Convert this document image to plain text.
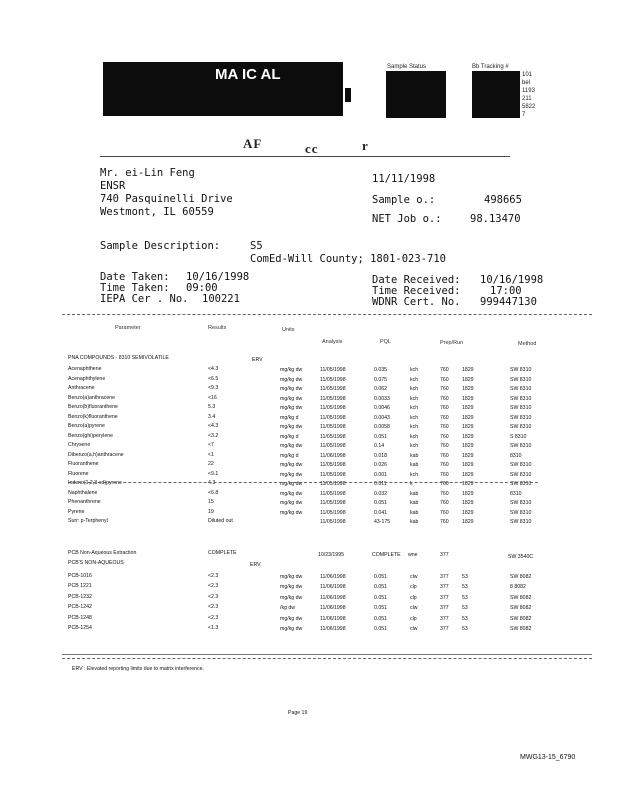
MA IC AL	Sample Status	Bb Tracking #
101
bel
1193
211
5822
7
AF	cc	r
Mr. ei-Lin Feng
ENSR
740 Pasquinelli Drive
Westmont, IL 60559
11/11/1998
Sample o.:	498665
NET Job o.:	98.13470
Sample Description:	S5
ComEd-Will County; 1801-023-710
Date Taken: 10/16/1998
Time Taken: 09:00
IEPA Cer . No. 100221
Date Received: 10/16/1998
Time Received:	17:00
WDNR Cert. No. 999447130
Parameter	Results	Units
Analysis	PQL	Prep/Run	Method
PNA COMPOUNDS - 8310 SEMIVOLATILE	ERV
Acenaphthene	<4.3	mg/kg dw	11/05/1998	0.035	kch	760	1829	SW 8310
Acenaphthylene	<6.5	mg/kg dw	11/05/1998	0.075	kch	760	1829	SW 8310
Anthracene	<9.3	mg/kg dw	11/05/1998	0.062	kch	760	1829	SW 8310
Benzo(a)anthracene	<16	mg/kg dw	11/05/1998	0.0033	kch	760	1829	SW 8310
Benzo(b)fluoranthene	5.3	mg/kg dw	11/05/1998	0.0046	kch	760	1829	SW 8310
Benzo(k)fluoranthene	3.4	mg/kg d	11/05/1998	0.0043	kch	760	1829	SW 8310
Benzo(a)pyrene	<4.3	mg/kg dw	11/05/1998	0.0058	kch	760	1829	SW 8310
Benzo(ghi)perylene	<3.2	mg/kg d	11/05/1998	0.051	kch	760	1829	S 8310
Chrysene	<7	mg/kg dw	11/05/1998	0.14	kch	760	1829	SW 8310
Dibenzo(a,h)anthracene	<1	mg/kg d	11/06/1998	0.018	kab	760	1829	8310
Fluoranthene	22	mg/kg dw	11/05/1998	0.026	kab	760	1829	SW 8310
Fluorene	<9.1	mg/kg dw	11/05/1998	0.001	kch	760	1829	SW 8310
Indeno(1,2,3-cd)pyrene	4.3	mg/kg dw	11/05/1998	0.011	k	760	1829	SW 8310
Naphthalene	<6.8	mg/kg dw	11/05/1998	0.032	kab	760	1829	8310
Phenanthrene	15	mg/kg dw	11/05/1998	0.051	kab	760	1829	SW 8310
Pyrene	19	mg/kg dw	11/05/1998	0.041	kab	760	1829	SW 8310
Surr: p-Terphenyl	Diluted out	11/05/1998	43-175	kab	760	1829	SW 8310
PCB Non-Aqueous Extraction	COMPLETE	10/23/1995	COMPLETE wne	377	SW 3540C
PCB'S NON-AQUEOUS	ERV
PCB-1016	<2.3	mg/kg dw	11/06/1998	0.051	clw	377	53	SW 8082
PCB 1221	<2.3	mg/kg dw	11/06/1998	0.051	clp	377	53	8 8082
PCB-1232	<2.3	mg/kg dw	11/06/1998	0.051	clp	377	53	SW 8082
PCB-1242	<2.3	/kg dw	11/06/1998	0.051	clw	377	53	SW 8082
PCB-1248	<2.3	mg/kg dw	11/06/1998	0.051	clp	377	53	SW 8082
PCB-1254	<1.3	mg/kg dw	11/06/1998	0.051	clw	377	53	SW 8082
ERV : Elevated reporting limits due to matrix interference.
Page 19
MWG13-15_6790
